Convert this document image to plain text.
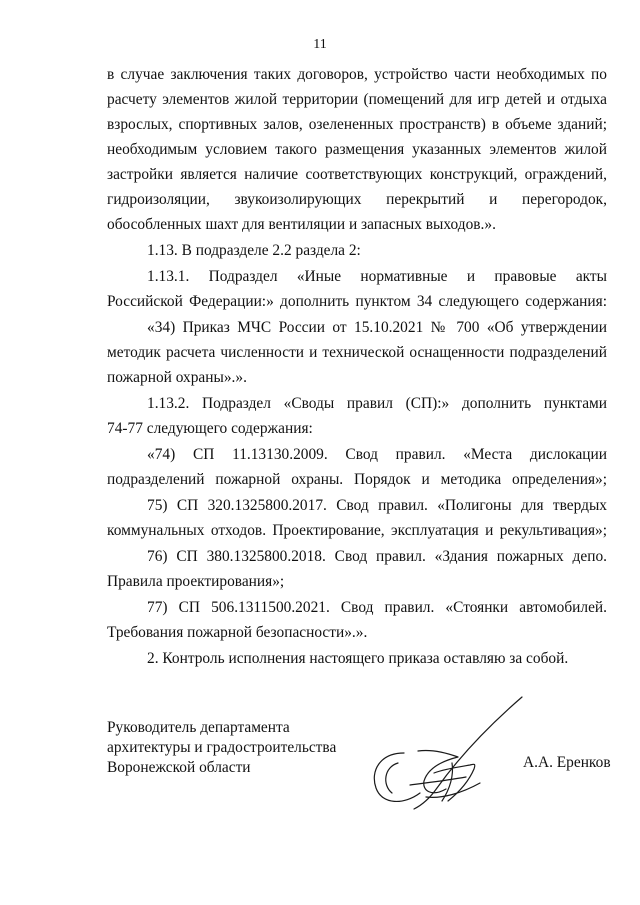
11
в случае заключения таких договоров, устройство части необходимых по
расчету элементов жилой территории (помещений для игр детей и отдыха
взрослых, спортивных залов, озелененных пространств) в объеме зданий;
необходимым условием такого размещения указанных элементов жилой
застройки является наличие соответствующих конструкций, ограждений,
гидроизоляции, звукоизолирующих перекрытий и перегородок,
обособленных шахт для вентиляции и запасных выходов.».
1.13. В подразделе 2.2 раздела 2:
1.13.1. Подраздел «Иные нормативные и правовые акты
Российской Федерации:» дополнить пунктом 34 следующего содержания:
«34) Приказ МЧС России от 15.10.2021 № 700 «Об утверждении
методик расчета численности и технической оснащенности подразделений
пожарной охраны».».
1.13.2. Подраздел «Своды правил (СП):» дополнить пунктами
74-77 следующего содержания:
«74) СП 11.13130.2009. Свод правил. «Места дислокации
подразделений пожарной охраны. Порядок и методика определения»;
75) СП 320.1325800.2017. Свод правил. «Полигоны для твердых
коммунальных отходов. Проектирование, эксплуатация и рекультивация»;
76) СП 380.1325800.2018. Свод правил. «Здания пожарных депо.
Правила проектирования»;
77) СП 506.1311500.2021. Свод правил. «Стоянки автомобилей.
Требования пожарной безопасности».».
2. Контроль исполнения настоящего приказа оставляю за собой.
Руководитель департамента
архитектуры и градостроительства
Воронежской области	А.А. Еренков
